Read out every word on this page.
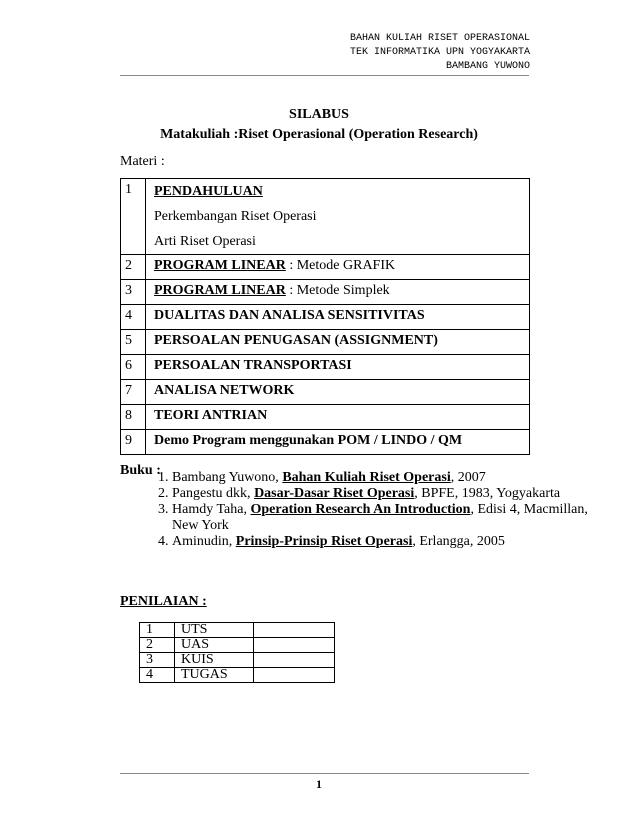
BAHAN KULIAH RISET OPERASIONAL
TEK INFORMATIKA UPN YOGYAKARTA
BAMBANG YUWONO
SILABUS
Matakuliah :Riset Operasional (Operation Research)
Materi :
1	PENDAHULUAN
Perkembangan Riset Operasi
Arti Riset Operasi

2	PROGRAM LINEAR : Metode GRAFIK
3	PROGRAM LINEAR : Metode Simplek
4	DUALITAS DAN ANALISA SENSITIVITAS
5	PERSOALAN PENUGASAN (ASSIGNMENT)
6	PERSOALAN TRANSPORTASI
7	ANALISA NETWORK
8	TEORI ANTRIAN
9	Demo Program menggunakan POM / LINDO / QM
Buku : 1. Bambang Yuwono, Bahan Kuliah Riset Operasi, 2007
2. Pangestu dkk, Dasar-Dasar Riset Operasi, BPFE, 1983, Yogyakarta
3. Hamdy Taha, Operation Research An Introduction, Edisi 4, Macmillan, New York
4. Aminudin, Prinsip-Prinsip Riset Operasi, Erlangga, 2005
PENILAIAN :
1	UTS	
2	UAS	
3	KUIS	
4	TUGAS	
1
